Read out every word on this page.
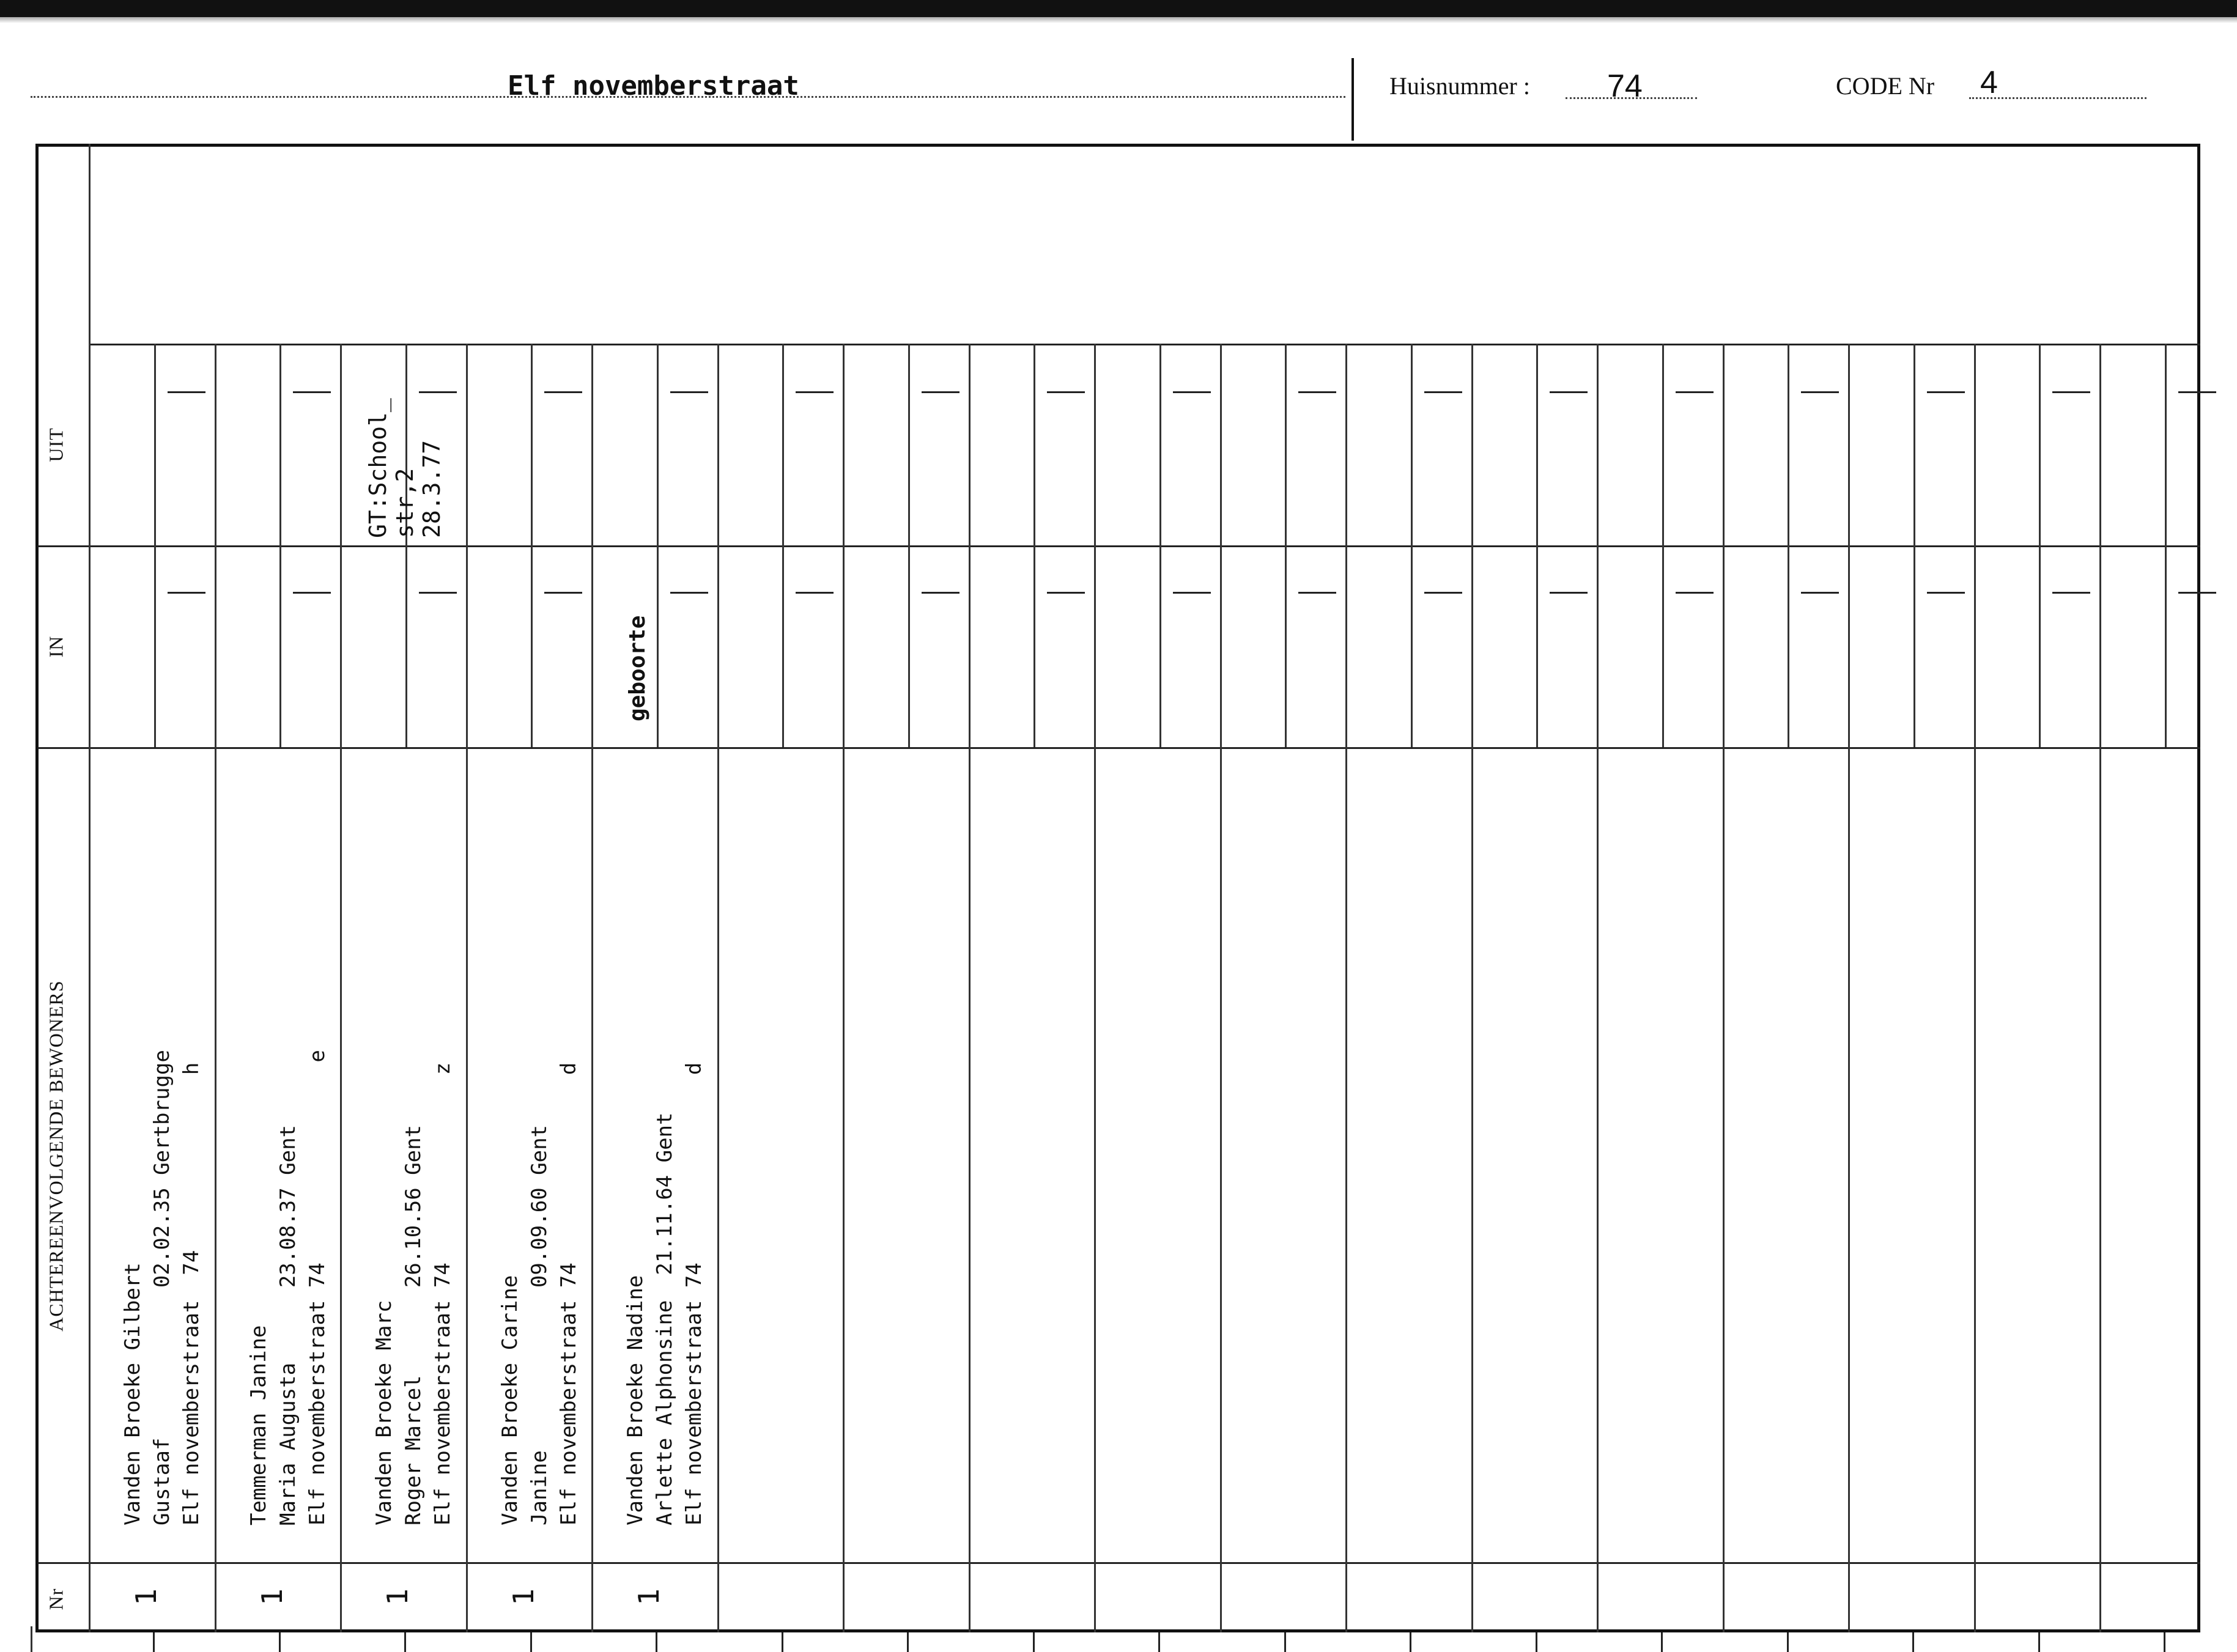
Elf novemberstraat	Huisnummer : 74	CODE Nr 4
UIT
IN
ACHTEREENVOLGENDE BEWONERS
Nr
Vanden Broeke Gilbert Gustaaf            02.02.35 Gertbrugge Elf novemberstraat  74              h
1
Temmerman Janine Maria Augusta      23.08.37 Gent Elf novemberstraat 74                e
1
Vanden Broeke Marc Roger Marcel       26.10.56 Gent Elf novemberstraat 74               z
1
GT:School_ str,2 28.3.77
Vanden Broeke Carine Janine             09.09.60 Gent Elf novemberstraat 74               d
1
Vanden Broeke Nadine Arlette Alphonsine  21.11.64 Gent Elf novemberstraat 74               d
1
geboorte
